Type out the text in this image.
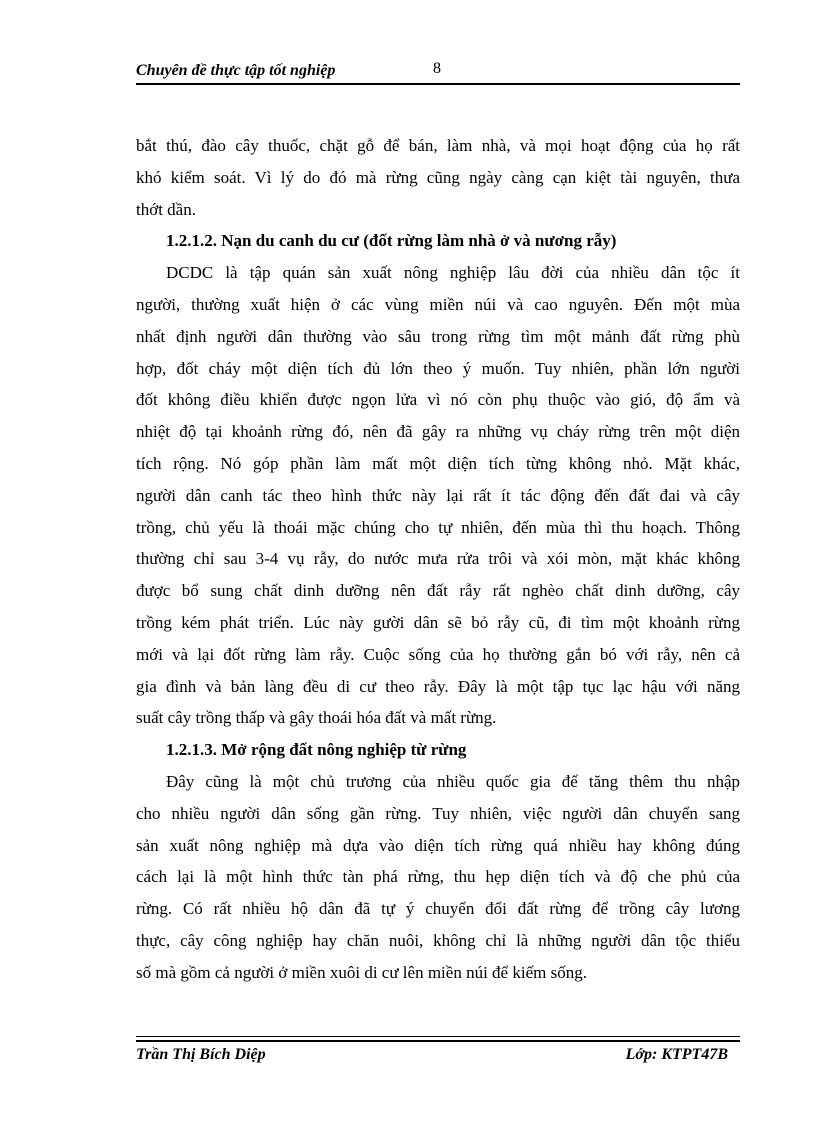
Chuyên đề thực tập tốt nghiệp	8
bắt thú, đào cây thuốc, chặt gỗ để bán, làm nhà, và mọi hoạt động của họ rất
khó kiểm soát. Vì lý do đó mà rừng cũng ngày càng cạn kiệt tài nguyên, thưa
thớt dần.
1.2.1.2. Nạn du canh du cư (đốt rừng làm nhà ở và nương rẫy)
DCDC là tập quán sản xuất nông nghiệp lâu đời của nhiều dân tộc ít
người, thường xuất hiện ở các vùng miền núi và cao nguyên. Đến một mùa
nhất định người dân thường vào sâu trong rừng tìm một mảnh đất rừng phù
hợp, đốt cháy một diện tích đủ lớn theo ý muốn. Tuy nhiên, phần lớn người
đốt không điều khiển được ngọn lửa vì nó còn phụ thuộc vào gió, độ ẩm và
nhiệt độ tại khoảnh rừng đó, nên đã gây ra những vụ cháy rừng trên một diện
tích rộng. Nó góp phần làm mất một diện tích từng không nhỏ. Mặt khác,
người dân canh tác theo hình thức này lại rất ít tác động đến đất đai và cây
trồng, chủ yếu là thoái mặc chúng cho tự nhiên, đến mùa thì thu hoạch. Thông
thường chỉ sau 3-4 vụ rẫy, do nước mưa rửa trôi và xói mòn, mặt khác không
được bổ sung chất dinh dưỡng nên đất rẫy rất nghèo chất dinh dưỡng, cây
trồng kém phát triển. Lúc này gười dân sẽ bỏ rẫy cũ, đi tìm một khoảnh rừng
mới và lại đốt rừng làm rẫy. Cuộc sống của họ thường gắn bó với rẫy, nên cả
gia đình và bản làng đều di cư theo rẫy. Đây là một tập tục lạc hậu với năng
suất cây trồng thấp và gây thoái hóa đất và mất rừng.
1.2.1.3. Mở rộng đất nông nghiệp từ rừng
Đây cũng là một chủ trương của nhiều quốc gia để tăng thêm thu nhập
cho nhiều người dân sống gần rừng. Tuy nhiên, việc người dân chuyển sang
sản xuất nông nghiệp mà dựa vào diện tích rừng quá nhiều hay không đúng
cách lại là một hình thức tàn phá rừng, thu hẹp diện tích và độ che phủ của
rừng. Có rất nhiều hộ dân đã tự ý chuyển đổi đất rừng để trồng cây lương
thực, cây công nghiệp hay chăn nuôi, không chỉ là những người dân tộc thiểu
số mà gồm cả người ở miền xuôi di cư lên miền núi để kiếm sống.
Trần Thị Bích Diệp	Lớp: KTPT47B
